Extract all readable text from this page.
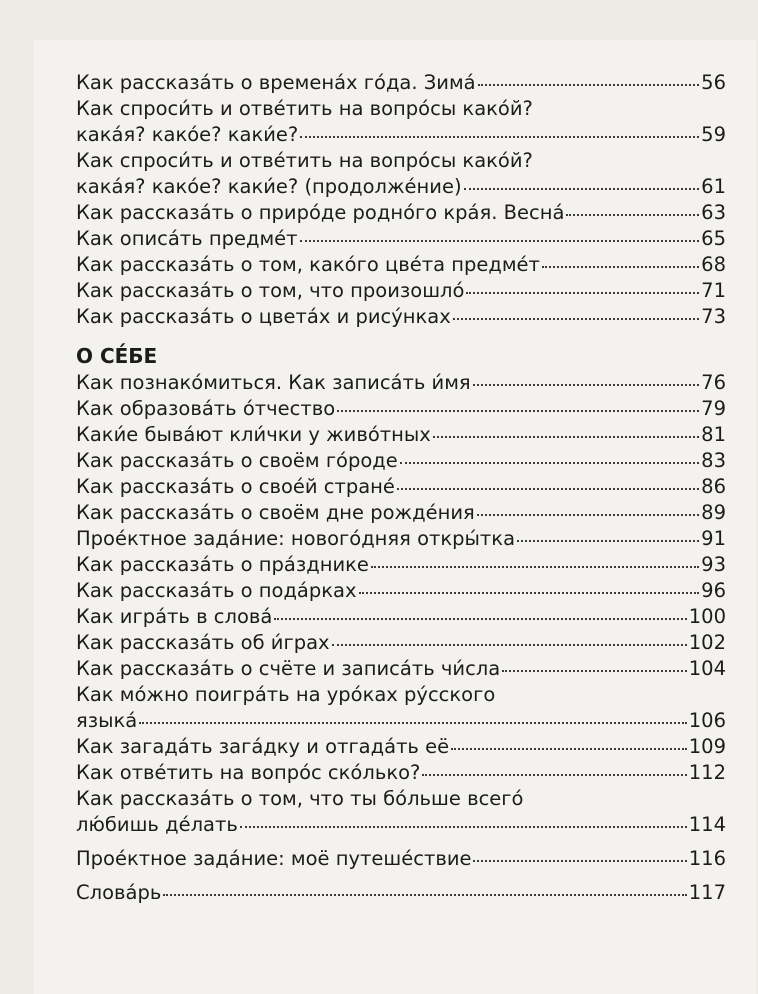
Как рассказа́ть о времена́х го́да. Зима́	56
Как спроси́ть и отве́тить на вопро́сы како́й?
кака́я? како́е? каки́е?	59
Как спроси́ть и отве́тить на вопро́сы како́й?
кака́я? како́е? каки́е? (продолже́ние)	61
Как рассказа́ть о приро́де родно́го кра́я. Весна́	63
Как описа́ть предме́т	65
Как рассказа́ть о том, како́го цве́та предме́т	68
Как рассказа́ть о том, что произошло́	71
Как рассказа́ть о цвета́х и рису́нках	73
О СЕ́БЕ
Как познако́миться. Как записа́ть и́мя	76
Как образова́ть о́тчество	79
Каки́е быва́ют кли́чки у живо́тных	81
Как рассказа́ть о своём го́роде	83
Как рассказа́ть о свое́й стране́	86
Как рассказа́ть о своём дне рожде́ния	89
Прое́ктное зада́ние: нового́дняя откры́тка	91
Как рассказа́ть о пра́зднике	93
Как рассказа́ть о пода́рках	96
Как игра́ть в слова́	100
Как рассказа́ть об и́грах	102
Как рассказа́ть о счёте и записа́ть чи́сла	104
Как мо́жно поигра́ть на уро́ках ру́сского
языка́	106
Как загада́ть зага́дку и отгада́ть её	109
Как отве́тить на вопро́с ско́лько?	112
Как рассказа́ть о том, что ты бо́льше всего́
лю́бишь де́лать	114
Прое́ктное зада́ние: моё путеше́ствие	116
Слова́рь	117
